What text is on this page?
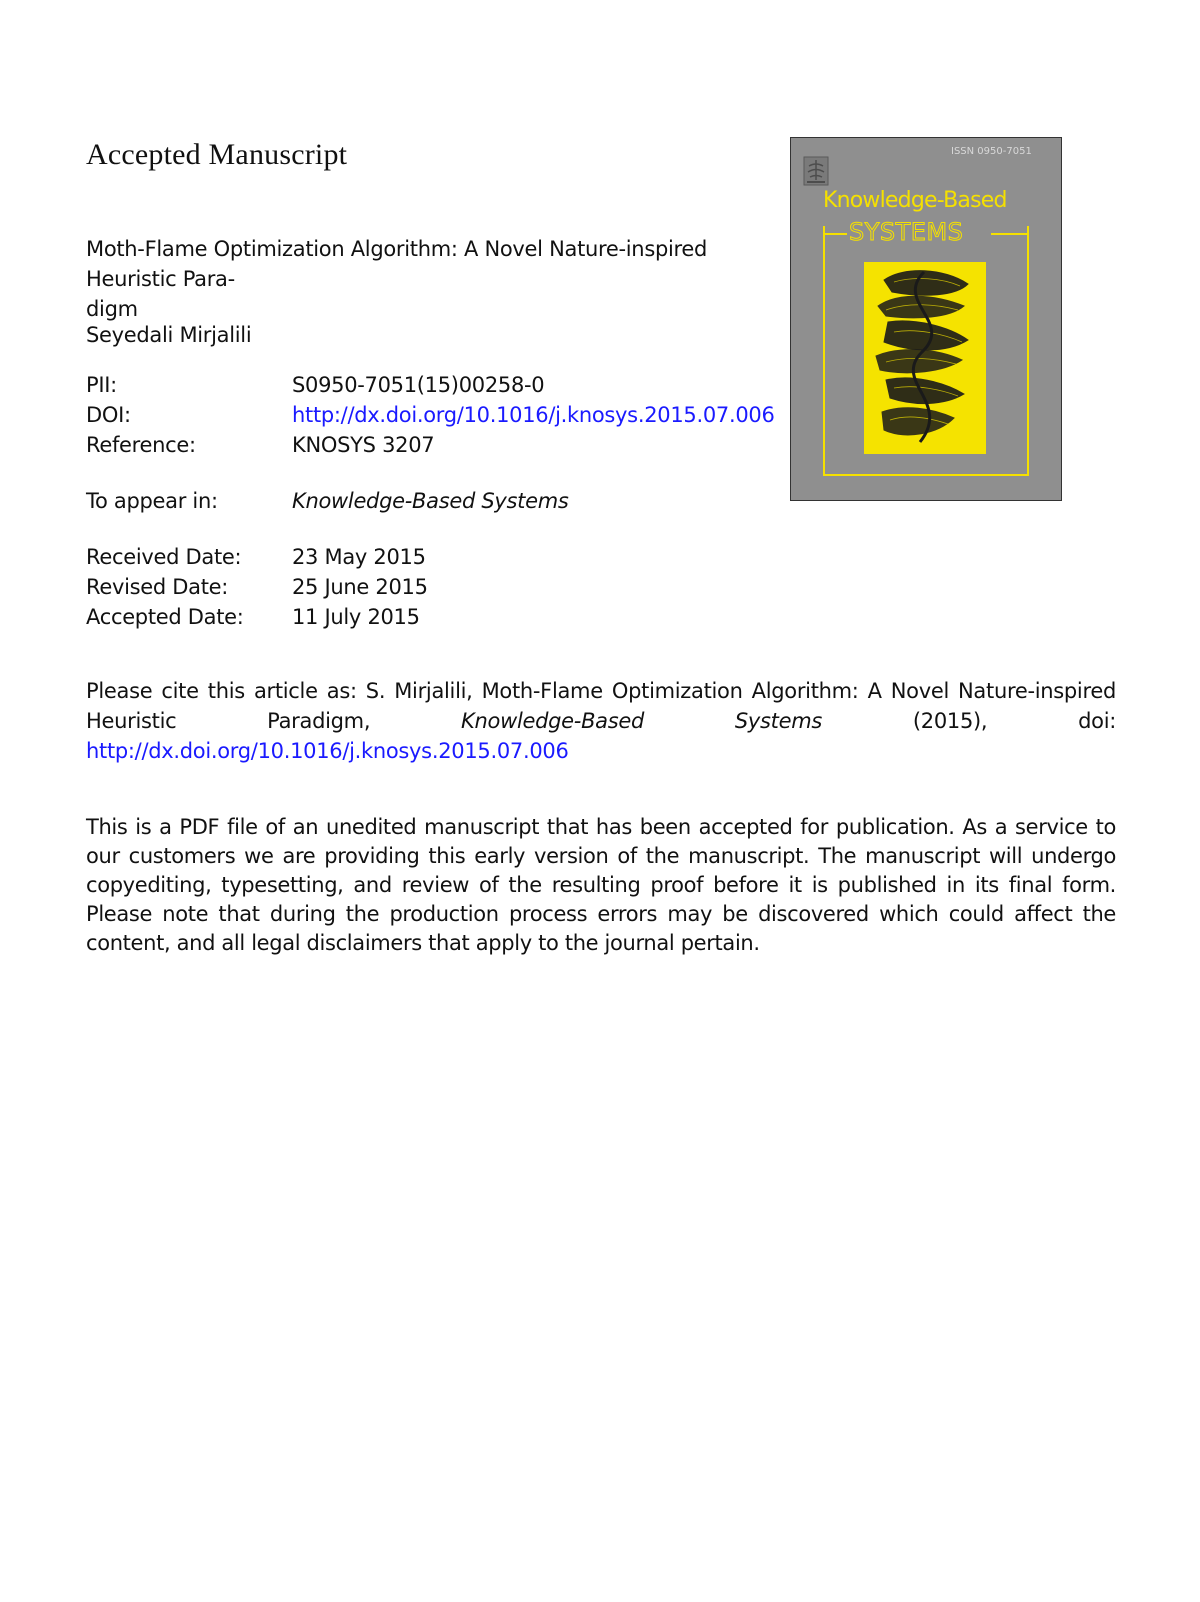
Accepted Manuscript
Moth-Flame Optimization Algorithm: A Novel Nature-inspired Heuristic Para-
digm
Seyedali Mirjalili
PII:	S0950-7051(15)00258-0
DOI:	http://dx.doi.org/10.1016/j.knosys.2015.07.006
Reference:	KNOSYS 3207
To appear in:	Knowledge-Based Systems
Received Date: 23 May 2015
Revised Date:	25 June 2015
Accepted Date: 11 July 2015
Please cite this article as: S. Mirjalili, Moth-Flame Optimization Algorithm: A Novel Nature-inspired Heuristic Paradigm, Knowledge-Based Systems (2015), doi: http://dx.doi.org/10.1016/j.knosys.2015.07.006
This is a PDF file of an unedited manuscript that has been accepted for publication. As a service to our customers we are providing this early version of the manuscript. The manuscript will undergo copyediting, typesetting, and review of the resulting proof before it is published in its final form. Please note that during the production process errors may be discovered which could affect the content, and all legal disclaimers that apply to the journal pertain.
ISSN 0950-7051
Knowledge-Based
SYSTEMS
